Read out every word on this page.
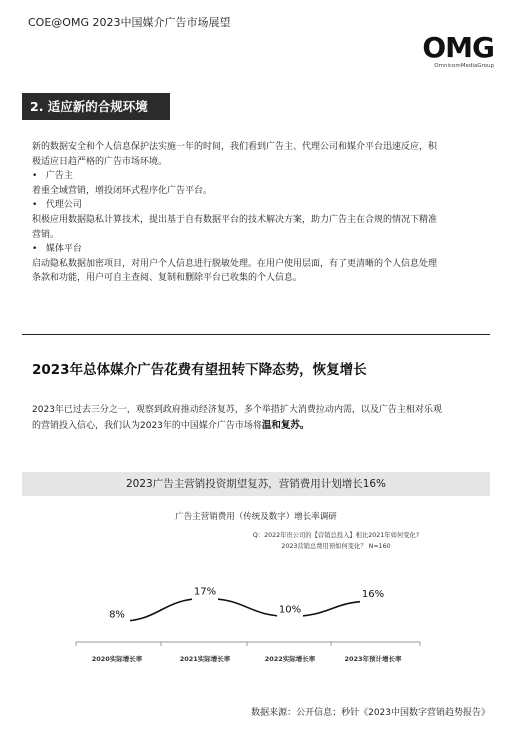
COE@OMG 2023中国媒介广告市场展望
OMG
OmnicomMediaGroup
2. 适应新的合规环境

新的数据安全和个人信息保护法实施一年的时间，我们看到广告主、代理公司和媒介平台迅速反应，积

极适应日趋严格的广告市场环境。

• 广告主

着重全域营销，增投闭环式程序化广告平台。

• 代理公司

积极应用数据隐私计算技术，提出基于自有数据平台的技术解决方案，助力广告主在合规的情况下精准

营销。

• 媒体平台

启动隐私数据加密项目，对用户个人信息进行脱敏处理。在用户使用层面，有了更清晰的个人信息处理

条款和功能，用户可自主查阅、复制和删除平台已收集的个人信息。

2023年总体媒介广告花费有望扭转下降态势，恢复增长
2023年已过去三分之一，观察到政府推动经济复苏，多个举措扩大消费拉动内需，以及广告主相对乐观
的营销投入信心，我们认为2023年的中国媒介广告市场将温和复苏。
2023广告主营销投资期望复苏，营销费用计划增长16%
广告主营销费用（传统及数字）增长率调研
Q：2022年贵公司的【营销总投入】相比2021年如何变化?
2023营销总费用预如何变化？ N=160
8%
17%
10%
16%
2020实际增长率	2021实际增长率	2022实际增长率	2023年预计增长率
数据来源：公开信息；秒针《2023中国数字营销趋势报告》
